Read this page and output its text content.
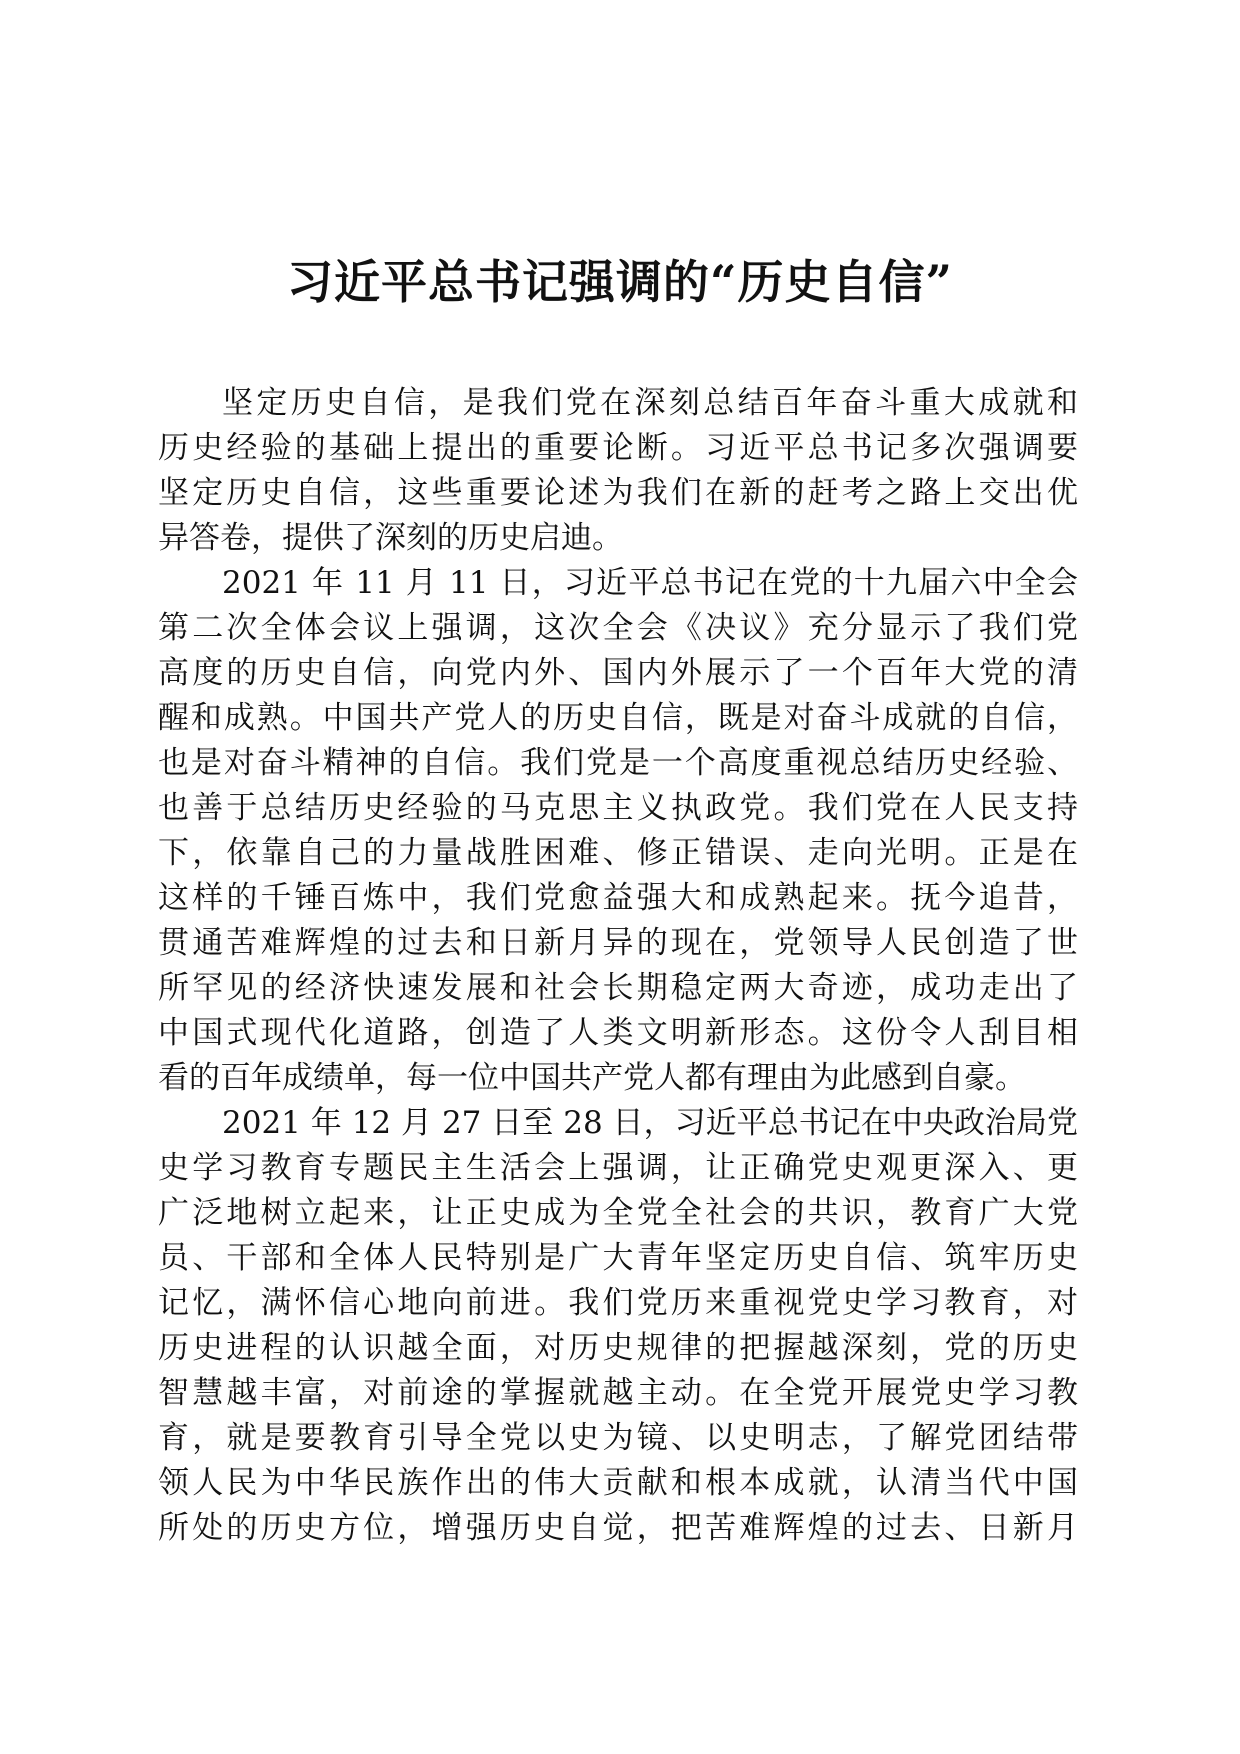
习近平总书记强调的“历史自信”
坚定历史自信，是我们党在深刻总结百年奋斗重大成就和
历史经验的基础上提出的重要论断。习近平总书记多次强调要
坚定历史自信，这些重要论述为我们在新的赶考之路上交出优
异答卷，提供了深刻的历史启迪。
2021 年 11 月 11 日，习近平总书记在党的十九届六中全会
第二次全体会议上强调，这次全会《决议》充分显示了我们党
高度的历史自信，向党内外、国内外展示了一个百年大党的清
醒和成熟。中国共产党人的历史自信，既是对奋斗成就的自信，
也是对奋斗精神的自信。我们党是一个高度重视总结历史经验、
也善于总结历史经验的马克思主义执政党。我们党在人民支持
下，依靠自己的力量战胜困难、修正错误、走向光明。正是在
这样的千锤百炼中，我们党愈益强大和成熟起来。抚今追昔，
贯通苦难辉煌的过去和日新月异的现在，党领导人民创造了世
所罕见的经济快速发展和社会长期稳定两大奇迹，成功走出了
中国式现代化道路，创造了人类文明新形态。这份令人刮目相
看的百年成绩单，每一位中国共产党人都有理由为此感到自豪。
2021 年 12 月 27 日至 28 日，习近平总书记在中央政治局党
史学习教育专题民主生活会上强调，让正确党史观更深入、更
广泛地树立起来，让正史成为全党全社会的共识，教育广大党
员、干部和全体人民特别是广大青年坚定历史自信、筑牢历史
记忆，满怀信心地向前进。我们党历来重视党史学习教育，对
历史进程的认识越全面，对历史规律的把握越深刻，党的历史
智慧越丰富，对前途的掌握就越主动。在全党开展党史学习教
育，就是要教育引导全党以史为镜、以史明志，了解党团结带
领人民为中华民族作出的伟大贡献和根本成就，认清当代中国
所处的历史方位，增强历史自觉，把苦难辉煌的过去、日新月
